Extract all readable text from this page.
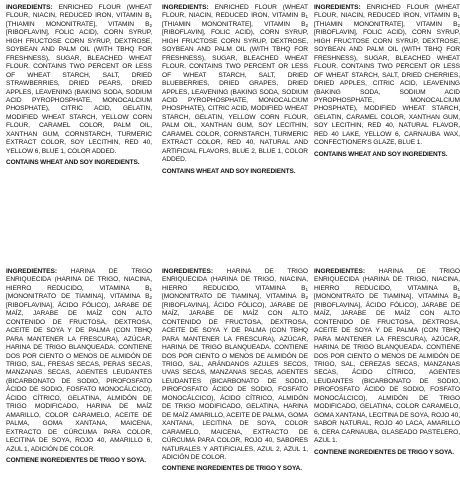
INGREDIENTS: ENRICHED FLOUR (WHEAT FLOUR, NIACIN, REDUCED IRON, VITAMIN $B_1$ [THIAMIN MONONITRATE], VITAMIN $B_2$ [RIBOFLAVIN], FOLIC ACID), CORN SYRUP, HIGH FRUCTOSE CORN SYRUP, DEXTROSE, SOYBEAN AND PALM OIL (WITH TBHQ FOR FRESHNESS), SUGAR, BLEACHED WHEAT FLOUR. CONTAINS TWO PERCENT OR LESS OF WHEAT STARCH, SALT, DRIED STRAWBERRIES, DRIED PEARS, DRIED APPLES, LEAVENING (BAKING SODA, SODIUM ACID PYROPHOSPHATE, MONOCALCIUM PHOSPHATE), CITRIC ACID, GELATIN, MODIFIED WHEAT STARCH, YELLOW CORN FLOUR, CARAMEL COLOR, PALM OIL, XANTHAN GUM, CORNSTARCH, TURMERIC EXTRACT COLOR, SOY LECITHIN, RED 40, YELLOW 6, BLUE 1, COLOR ADDED.
CONTAINS WHEAT AND SOY INGREDIENTS.
INGREDIENTS: ENRICHED FLOUR (WHEAT FLOUR, NIACIN, REDUCED IRON, VITAMIN $B_1$ [THIAMIN MONONITRATE], VITAMIN $B_2$ [RIBOFLAVIN], FOLIC ACID), CORN SYRUP, HIGH FRUCTOSE CORN SYRUP, DEXTROSE, SOYBEAN AND PALM OIL (WITH TBHQ FOR FRESHNESS), SUGAR, BLEACHED WHEAT FLOUR. CONTAINS TWO PERCENT OR LESS OF WHEAT STARCH, SALT, DRIED BLUEBERRIES, DRIED GRAPES, DRIED APPLES, LEAVENING (BAKING SODA, SODIUM ACID PYROPHOSPHATE, MONOCALCIUM PHOSPHATE), CITRIC ACID, MODIFIED WHEAT STARCH, GELATIN, YELLOW CORN FLOUR, PALM OIL, XANTHAN GUM, SOY LECITHIN, CARAMEL COLOR, CORNSTARCH, TURMERIC EXTRACT COLOR, RED 40, NATURAL AND ARTIFICIAL FLAVORS, BLUE 2, BLUE 1, COLOR ADDED.
CONTAINS WHEAT AND SOY INGREDIENTS.
INGREDIENTS: ENRICHED FLOUR (WHEAT FLOUR, NIACIN, REDUCED IRON, VITAMIN $B_1$ [THIAMIN MONONITRATE], VITAMIN $B_2$ [RIBOFLAVIN], FOLIC ACID), CORN SYRUP, HIGH FRUCTOSE CORN SYRUP, DEXTROSE, SOYBEAN AND PALM OIL (WITH TBHQ FOR FRESHNESS), SUGAR, BLEACHED WHEAT FLOUR. CONTAINS TWO PERCENT OR LESS OF WHEAT STARCH, SALT, DRIED CHERRIES, DRIED APPLES, CITRIC ACID, LEAVENING (BAKING SODA, SODIUM ACID PYROPHOSPHATE, MONOCALCIUM PHOSPHATE), MODIFIED WHEAT STARCH, GELATIN, CARAMEL COLOR, XANTHAN GUM, SOY LECITHIN, RED 40, NATURAL FLAVOR, RED 40 LAKE, YELLOW 6, CARNAUBA WAX, CONFECTIONER'S GLAZE, BLUE 1.
CONTAINS WHEAT AND SOY INGREDIENTS.
INGREDIENTES: HARINA DE TRIGO ENRIQUECIDA (HARINA DE TRIGO, NIACINA, HIERRO REDUCIDO, VITAMINA $B_1$ [MONONITRATO DE TIAMINA], VITAMINA $B_2$ [RIBOFLAVINA], ÁCIDO FÓLICO), JARABE DE MAÍZ, JARABE DE MAÍZ CON ALTO CONTENIDO DE FRUCTOSA, DEXTROSA, ACEITE DE SOYA Y DE PALMA (CON TBHQ PARA MANTENER LA FRESCURA), AZÚCAR, HARINA DE TRIGO BLANQUEADA. CONTIENE DOS POR CIENTO O MENOS DE ALMIDÓN DE TRIGO, SAL, FRESAS SECAS, PERAS SECAS, MANZANAS SECAS, AGENTES LEUDANTES (BICARBONATO DE SODIO, PIROFOSFATO ÁCIDO DE SODIO, FOSFATO MONOCÁLCICO), ÁCIDO CÍTRICO, GELATINA, ALMIDÓN DE TRIGO MODIFICADO, HARINA DE MAÍZ AMARILLO, COLOR CARAMELO, ACEITE DE PALMA, GOMA XANTANA, MAICENA, EXTRACTO DE CÚRCUMA PARA COLOR, LECITINA DE SOYA, ROJO 40, AMARILLO 6, AZUL 1, ADICIÓN DE COLOR.
CONTIENE INGREDIENTES DE TRIGO Y SOYA.
INGREDIENTES: HARINA DE TRIGO ENRIQUECIDA (HARINA DE TRIGO, NIACINA, HIERRO REDUCIDO, VITAMINA $B_1$ [MONONITRATO DE TIAMINA], VITAMINA $B_2$ [RIBOFLAVINA], ÁCIDO FÓLICO), JARABE DE MAÍZ, JARABE DE MAÍZ CON ALTO CONTENIDO DE FRUCTOSA, DEXTROSA, ACEITE DE SOYA Y DE PALMA (CON TBHQ PARA MANTENER LA FRESCURA), AZÚCAR, HARINA DE TRIGO BLANQUEADA. CONTIENE DOS POR CIENTO O MENOS DE ALMIDÓN DE TRIGO, SAL, ARÁNDANOS AZULES SECOS, UVAS SECAS, MANZANAS SECAS, AGENTES LEUDANTES (BICARBONATO DE SODIO, PIROFOSFATO ÁCIDO DE SODIO, FOSFATO MONOCÁLCICO), ÁCIDO CÍTRICO, ALMIDÓN DE TRIGO MODIFICADO, GELATINA, HARINA DE MAÍZ AMARILLO, ACEITE DE PALMA, GOMA XANTANA, LECITINA DE SOYA, COLOR CARAMELO, MAICENA, EXTRACTO DE CÚRCUMA PARA COLOR, ROJO 40, SABORES NATURALES Y ARTIFICIALES, AZUL 2, AZUL 1, ADICIÓN DE COLOR.
CONTIENE INGREDIENTES DE TRIGO Y SOYA.
INGREDIENTES: HARINA DE TRIGO ENRIQUECIDA (HARINA DE TRIGO, NIACINA, HIERRO REDUCIDO, VITAMINA $B_1$ [MONONITRATO DE TIAMINA], VITAMINA $B_2$ [RIBOFLAVINA], ÁCIDO FÓLICO), JARABE DE MAÍZ, JARABE DE MAÍZ CON ALTO CONTENIDO DE FRUCTOSA, DEXTROSA, ACEITE DE SOYA Y DE PALMA (CON TBHQ PARA MANTENER LA FRESCURA), AZÚCAR, HARINA DE TRIGO BLANQUEADA. CONTIENE DOS POR CIENTO O MENOS DE ALMIDÓN DE TRIGO, SAL, CEREZAS SECAS, MANZANAS SECAS, ÁCIDO CÍTRICO, AGENTES LEUDANTES (BICARBONATO DE SODIO, PIROFOSFATO ÁCIDO DE SODIO, FOSFATO MONOCÁLCICO), ALMIDÓN DE TRIGO MODIFICADO, GELATINA, COLOR CARAMELO, GOMA XANTANA, LECITINA DE SOYA, ROJO 40, SABOR NATURAL, ROJO 40 LACA, AMARILLO 6, CERA CARNAUBA, GLASEADO PASTELERO, AZUL 1.
CONTIENE INGREDIENTES DE TRIGO Y SOYA.
